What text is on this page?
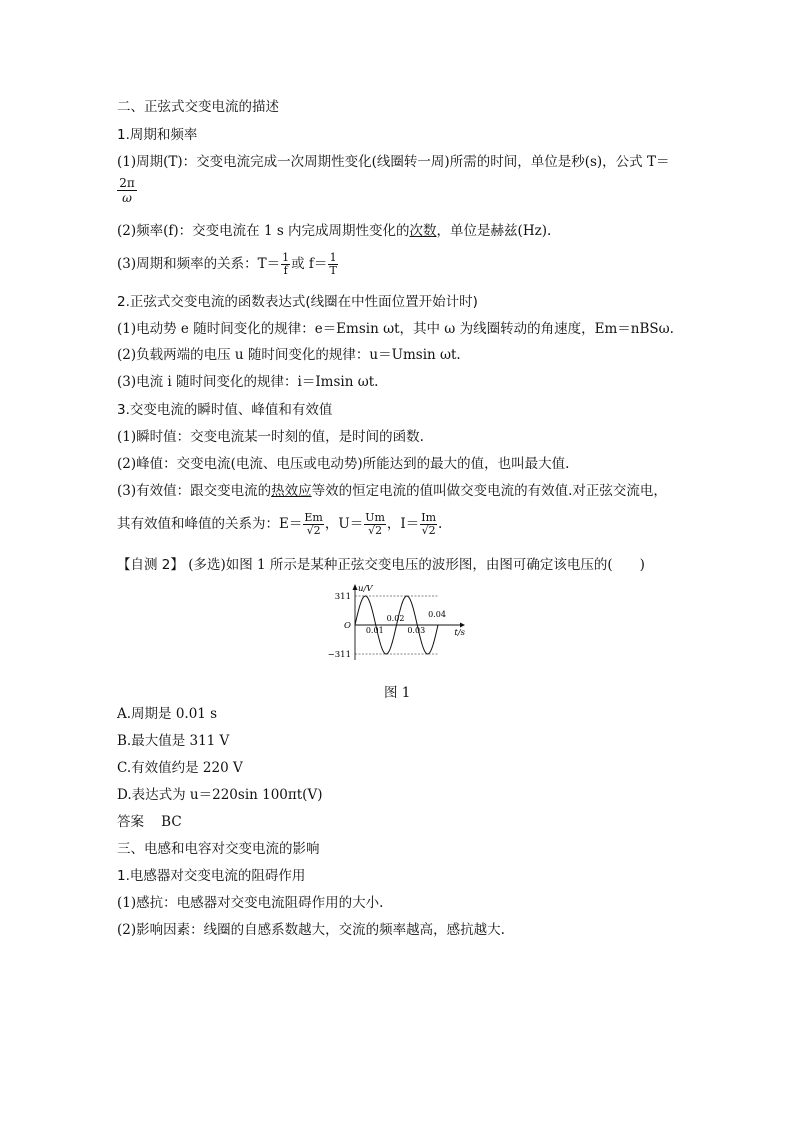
二、正弦式交变电流的描述
1.周期和频率
(1)周期(T)：交变电流完成一次周期性变化(线圈转一周)所需的时间，单位是秒(s)，公式 T＝
$\frac{2\pi}{\omega}$
(2)频率(f)：交变电流在 1 s 内完成周期性变化的次数，单位是赫兹(Hz).
(3)周期和频率的关系：$T= \frac{1}{f}$ 或 $f= \frac{1}{T}$
2.正弦式交变电流的函数表达式(线圈在中性面位置开始计时)
(1)电动势 e 随时间变化的规律：e＝Emsin ωt，其中 ω 为线圈转动的角速度，Em＝nBSω.
(2)负载两端的电压 u 随时间变化的规律：u＝Umsin ωt.
(3)电流 i 随时间变化的规律：i＝Imsin ωt.
3.交变电流的瞬时值、峰值和有效值
(1)瞬时值：交变电流某一时刻的值，是时间的函数.
(2)峰值：交变电流(电流、电压或电动势)所能达到的最大的值，也叫最大值.
(3)有效值：跟交变电流的热效应等效的恒定电流的值叫做交变电流的有效值.对正弦交流电，
其有效值和峰值的关系为：$E= \frac{Em}{√2}$ ，$U= \frac{Um}{√2}$ ，$I= \frac{Im}{√2}$ .
【自测 2】 (多选)如图 1 所示是某种正弦交变电压的波形图，由图可确定该电压的(　　)
311
−311
O
u/V
t/s
0.01
0.02
0.03
0.04
图 1
A.周期是 0.01 s
B.最大值是 311 V
C.有效值约是 220 V
D.表达式为 u＝220sin 100πt(V)
答案 BC
三、电感和电容对交变电流的影响
1.电感器对交变电流的阻碍作用
(1)感抗：电感器对交变电流阻碍作用的大小.
(2)影响因素：线圈的自感系数越大，交流的频率越高，感抗越大.
